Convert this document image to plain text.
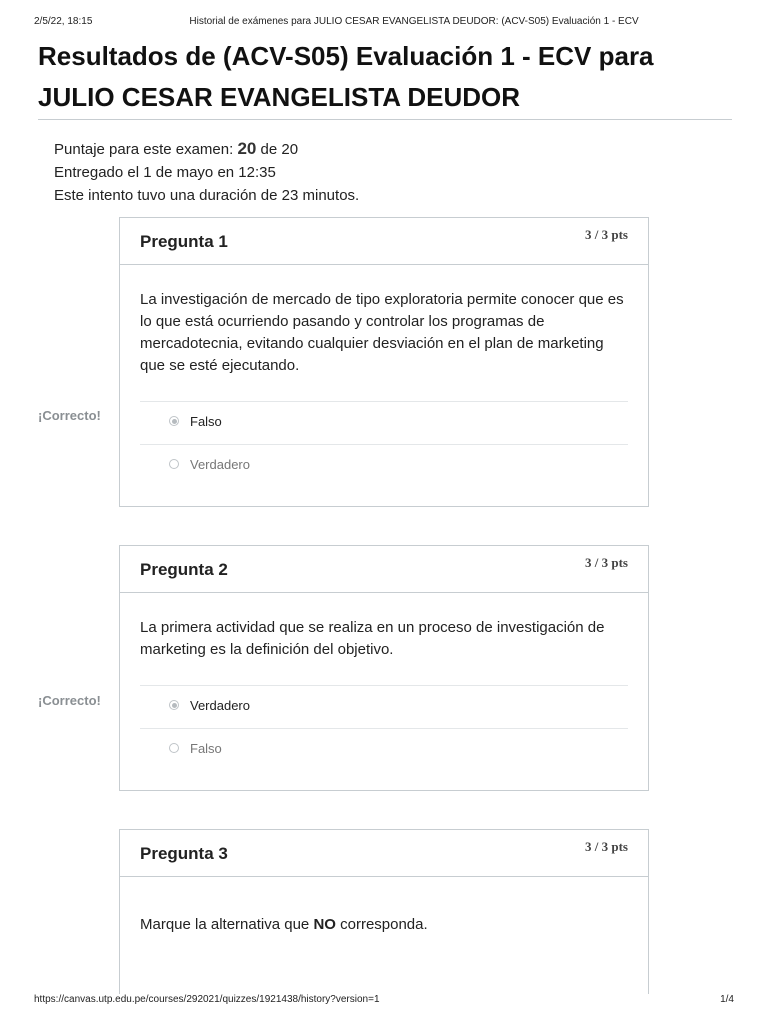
2/5/22, 18:15	Historial de exámenes para JULIO CESAR EVANGELISTA DEUDOR: (ACV-S05) Evaluación 1 - ECV
Resultados de (ACV-S05) Evaluación 1 - ECV para
JULIO CESAR EVANGELISTA DEUDOR
Puntaje para este examen: 20 de 20
Entregado el 1 de mayo en 12:35
Este intento tuvo una duración de 23 minutos.
Pregunta 1	3 / 3 pts
La investigación de mercado de tipo exploratoria permite conocer que es lo que está ocurriendo pasando y controlar los programas de mercadotecnia, evitando cualquier desviación en el plan de marketing que se esté ejecutando.
Falso
Verdadero
¡Correcto!
Pregunta 2	3 / 3 pts
La primera actividad que se realiza en un proceso de investigación de marketing es la definición del objetivo.
Verdadero
Falso
¡Correcto!
Pregunta 3	3 / 3 pts
Marque la alternativa que NO corresponda.
https://canvas.utp.edu.pe/courses/292021/quizzes/1921438/history?version=1	1/4
